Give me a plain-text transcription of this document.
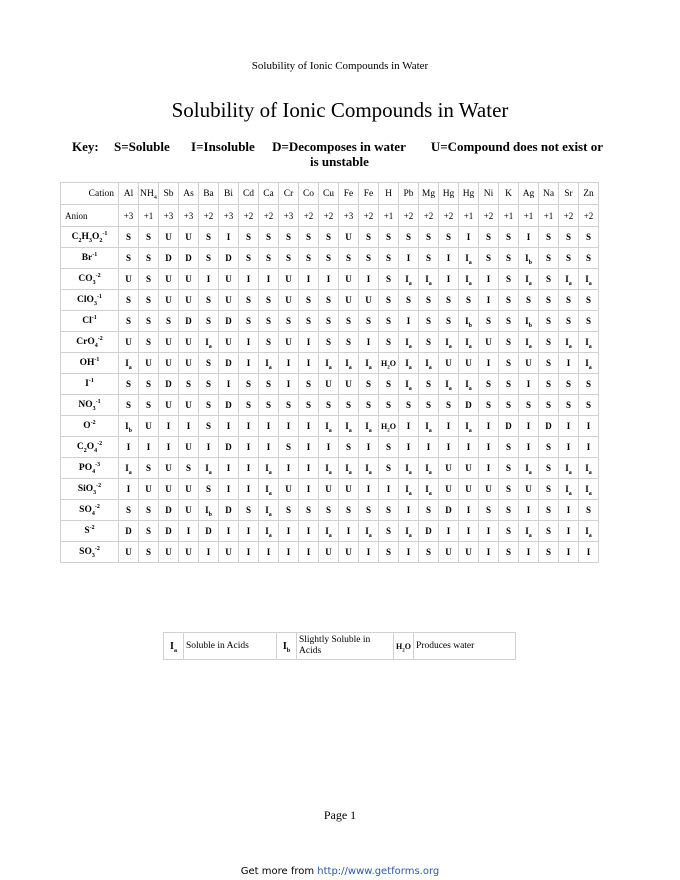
Solubility of Ionic Compounds in Water
Solubility of Ionic Compounds in Water
Key: S=Soluble I=Insoluble D=Decomposes in water U=Compound does not exist or
is unstable
Cation	Al	$NH_4$	Sb	As	Ba	Bi	Cd	Ca	Cr	Co	Cu	Fe	Fe	H	Pb	Mg	Hg	Hg	Ni	K	Ag	Na	Sr	Zn
Anion	+3	+1	+3	+3	+2	+3	+2	+2	+3	+2	+2	+3	+2	+1	+2	+2	+2	+1	+2	+1	+1	+1	+2	+2
$C_2H_3O_2^{-1}$	S	S	U	U	S	I	S	S	S	S	S	U	S	S	S	S	S	I	S	S	I	S	S	S
$Br^{-1}$	S	S	D	D	S	D	S	S	S	S	S	S	S	S	I	S	I	$I_a$	S	S	$I_b$	S	S	S
$CO_3^{-2}$	U	S	U	U	I	U	I	I	U	I	I	U	I	S	$I_a$	$I_a$	I	$I_a$	I	S	$I_a$	S	$I_a$	$I_a$
ClO$_3^{-1}$	S	S	U	U	S	U	S	S	U	S	S	U	U	S	S	S	S	S	I	S	S	S	S	S
$Cl^{-1}$	S	S	S	D	S	D	S	S	S	S	S	S	S	S	I	S	S	$I_b$	S	S	$I_b$	S	S	S
CrO$_4^{-2}$	U	S	U	U	$I_a$	U	I	S	U	I	S	S	I	S	$I_a$	S	$I_a$	$I_a$	U	S	$I_a$	S	$I_a$	$I_a$
$OH^{-1}$	$I_a$	U	U	U	S	D	I	$I_a$	I	I	$I_a$	$I_a$	$I_a$	$H_2O$	$I_a$	$I_a$	U	U	I	S	U	S	I	$I_a$
$I^{-1}$	S	S	D	S	S	I	S	S	I	S	U	U	S	S	$I_a$	S	$I_a$	$I_a$	S	S	I	S	S	S
$NO_3^{-1}$	S	S	U	U	S	D	S	S	S	S	S	S	S	S	S	S	S	D	S	S	S	S	S	S
$O^{-2}$	$I_b$	U	I	I	S	I	I	I	I	I	$I_a$	$I_a$	$I_a$	$H_2O$	I	$I_a$	I	$I_a$	I	D	I	D	I	I
$C_2O_4^{-2}$	I	I	I	U	I	D	I	I	S	I	I	S	I	S	I	I	I	I	I	S	I	S	I	I
$PO_4^{-3}$	$I_a$	S	U	S	$I_a$	I	I	$I_a$	I	I	$I_a$	$I_a$	$I_a$	S	$I_a$	$I_a$	U	U	I	S	$I_a$	S	$I_a$	$I_a$
SiO$_3^{-2}$	I	U	U	U	S	I	I	$I_a$	U	I	U	U	I	I	$I_a$	$I_a$	U	U	U	S	U	S	$I_a$	$I_a$
$SO_4^{-2}$	S	S	D	U	$I_b$	D	S	$I_a$	S	S	S	S	S	S	I	S	D	I	S	S	I	S	I	S
$S^{-2}$	D	S	D	I	D	I	I	$I_a$	I	I	$I_a$	I	$I_a$	S	$I_a$	D	I	I	I	S	$I_a$	S	I	$I_a$
$SO_3^{-2}$	U	S	U	U	I	U	I	I	I	I	U	U	I	S	I	S	U	U	I	S	I	S	I	I
$I_a$	Soluble in Acids	$I_b$	Slightly Soluble in Acids	$H_2O$	Produces water
Page 1
Get more from http://www.getforms.org
